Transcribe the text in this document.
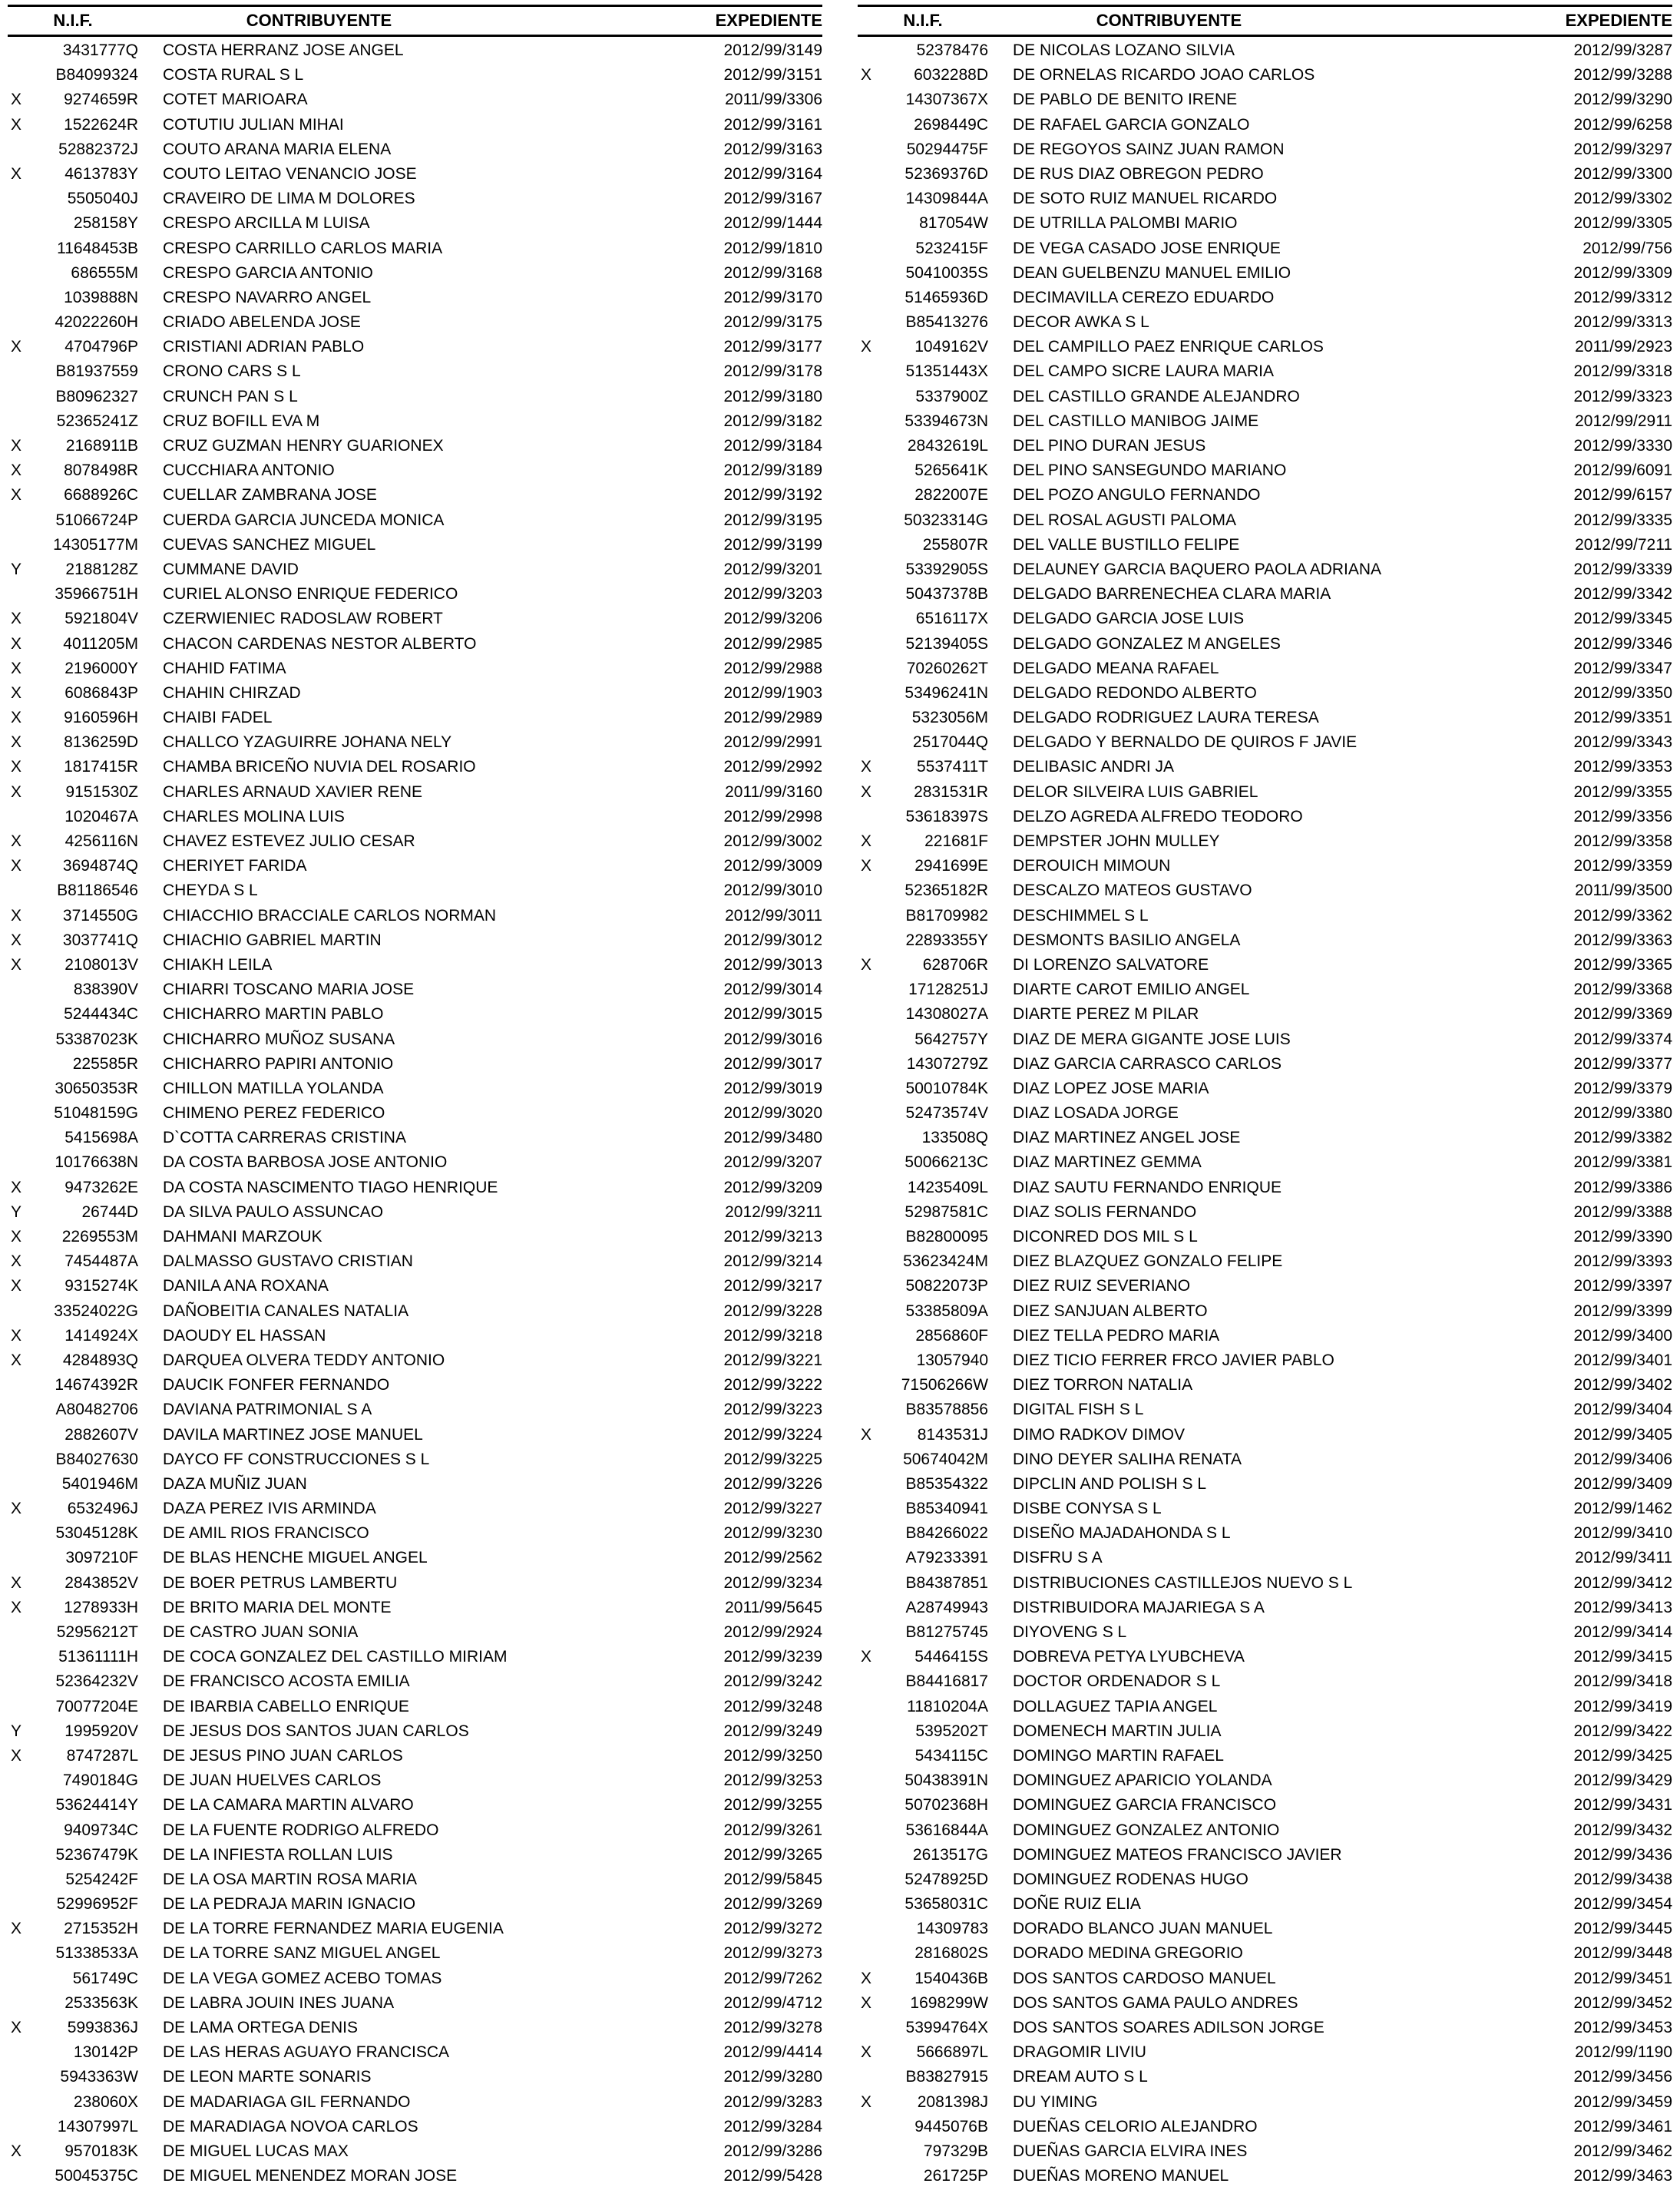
N.I.F.	CONTRIBUYENTE	EXPEDIENTE
3431777Q	COSTA HERRANZ JOSE ANGEL	2012/99/3149
B84099324	COSTA RURAL S L	2012/99/3151
X	9274659R	COTET MARIOARA	2011/99/3306
X	1522624R	COTUTIU JULIAN MIHAI	2012/99/3161
52882372J	COUTO ARANA MARIA ELENA	2012/99/3163
X	4613783Y	COUTO LEITAO VENANCIO JOSE	2012/99/3164
5505040J	CRAVEIRO DE LIMA M DOLORES	2012/99/3167
258158Y	CRESPO ARCILLA M LUISA	2012/99/1444
11648453B	CRESPO CARRILLO CARLOS MARIA	2012/99/1810
686555M	CRESPO GARCIA ANTONIO	2012/99/3168
1039888N	CRESPO NAVARRO ANGEL	2012/99/3170
42022260H	CRIADO ABELENDA JOSE	2012/99/3175
X	4704796P	CRISTIANI ADRIAN PABLO	2012/99/3177
B81937559	CRONO CARS S L	2012/99/3178
B80962327	CRUNCH PAN S L	2012/99/3180
52365241Z	CRUZ BOFILL EVA M	2012/99/3182
X	2168911B	CRUZ GUZMAN HENRY GUARIONEX	2012/99/3184
X	8078498R	CUCCHIARA ANTONIO	2012/99/3189
X	6688926C	CUELLAR ZAMBRANA JOSE	2012/99/3192
51066724P	CUERDA GARCIA JUNCEDA MONICA	2012/99/3195
14305177M	CUEVAS SANCHEZ MIGUEL	2012/99/3199
Y	2188128Z	CUMMANE DAVID	2012/99/3201
35966751H	CURIEL ALONSO ENRIQUE FEDERICO	2012/99/3203
X	5921804V	CZERWIENIEC RADOSLAW ROBERT	2012/99/3206
X	4011205M	CHACON CARDENAS NESTOR ALBERTO	2012/99/2985
X	2196000Y	CHAHID FATIMA	2012/99/2988
X	6086843P	CHAHIN CHIRZAD	2012/99/1903
X	9160596H	CHAIBI FADEL	2012/99/2989
X	8136259D	CHALLCO YZAGUIRRE JOHANA NELY	2012/99/2991
X	1817415R	CHAMBA BRICEÑO NUVIA DEL ROSARIO	2012/99/2992
X	9151530Z	CHARLES ARNAUD XAVIER RENE	2011/99/3160
1020467A	CHARLES MOLINA LUIS	2012/99/2998
X	4256116N	CHAVEZ ESTEVEZ JULIO CESAR	2012/99/3002
X	3694874Q	CHERIYET FARIDA	2012/99/3009
B81186546	CHEYDA S L	2012/99/3010
X	3714550G	CHIACCHIO BRACCIALE CARLOS NORMAN	2012/99/3011
X	3037741Q	CHIACHIO GABRIEL MARTIN	2012/99/3012
X	2108013V	CHIAKH LEILA	2012/99/3013
838390V	CHIARRI TOSCANO MARIA JOSE	2012/99/3014
5244434C	CHICHARRO MARTIN PABLO	2012/99/3015
53387023K	CHICHARRO MUÑOZ SUSANA	2012/99/3016
225585R	CHICHARRO PAPIRI ANTONIO	2012/99/3017
30650353R	CHILLON MATILLA YOLANDA	2012/99/3019
51048159G	CHIMENO PEREZ FEDERICO	2012/99/3020
5415698A	D`COTTA CARRERAS CRISTINA	2012/99/3480
10176638N	DA COSTA BARBOSA JOSE ANTONIO	2012/99/3207
X	9473262E	DA COSTA NASCIMENTO TIAGO HENRIQUE	2012/99/3209
Y	26744D	DA SILVA PAULO ASSUNCAO	2012/99/3211
X	2269553M	DAHMANI MARZOUK	2012/99/3213
X	7454487A	DALMASSO GUSTAVO CRISTIAN	2012/99/3214
X	9315274K	DANILA ANA ROXANA	2012/99/3217
33524022G	DAÑOBEITIA CANALES NATALIA	2012/99/3228
X	1414924X	DAOUDY EL HASSAN	2012/99/3218
X	4284893Q	DARQUEA OLVERA TEDDY ANTONIO	2012/99/3221
14674392R	DAUCIK FONFER FERNANDO	2012/99/3222
A80482706	DAVIANA PATRIMONIAL S A	2012/99/3223
2882607V	DAVILA MARTINEZ JOSE MANUEL	2012/99/3224
B84027630	DAYCO FF CONSTRUCCIONES S L	2012/99/3225
5401946M	DAZA MUÑIZ JUAN	2012/99/3226
X	6532496J	DAZA PEREZ IVIS ARMINDA	2012/99/3227
53045128K	DE AMIL RIOS FRANCISCO	2012/99/3230
3097210F	DE BLAS HENCHE MIGUEL ANGEL	2012/99/2562
X	2843852V	DE BOER PETRUS LAMBERTU	2012/99/3234
X	1278933H	DE BRITO MARIA DEL MONTE	2011/99/5645
52956212T	DE CASTRO JUAN SONIA	2012/99/2924
51361111H	DE COCA GONZALEZ DEL CASTILLO MIRIAM	2012/99/3239
52364232V	DE FRANCISCO ACOSTA EMILIA	2012/99/3242
70077204E	DE IBARBIA CABELLO ENRIQUE	2012/99/3248
Y	1995920V	DE JESUS DOS SANTOS JUAN CARLOS	2012/99/3249
X	8747287L	DE JESUS PINO JUAN CARLOS	2012/99/3250
7490184G	DE JUAN HUELVES CARLOS	2012/99/3253
53624414Y	DE LA CAMARA MARTIN ALVARO	2012/99/3255
9409734C	DE LA FUENTE RODRIGO ALFREDO	2012/99/3261
52367479K	DE LA INFIESTA ROLLAN LUIS	2012/99/3265
5254242F	DE LA OSA MARTIN ROSA MARIA	2012/99/5845
52996952F	DE LA PEDRAJA MARIN IGNACIO	2012/99/3269
X	2715352H	DE LA TORRE FERNANDEZ MARIA EUGENIA	2012/99/3272
51338533A	DE LA TORRE SANZ MIGUEL ANGEL	2012/99/3273
561749C	DE LA VEGA GOMEZ ACEBO TOMAS	2012/99/7262
2533563K	DE LABRA JOUIN INES JUANA	2012/99/4712
X	5993836J	DE LAMA ORTEGA DENIS	2012/99/3278
130142P	DE LAS HERAS AGUAYO FRANCISCA	2012/99/4414
5943363W	DE LEON MARTE SONARIS	2012/99/3280
238060X	DE MADARIAGA GIL FERNANDO	2012/99/3283
14307997L	DE MARADIAGA NOVOA CARLOS	2012/99/3284
X	9570183K	DE MIGUEL LUCAS MAX	2012/99/3286
50045375C	DE MIGUEL MENENDEZ MORAN JOSE	2012/99/5428
N.I.F.	CONTRIBUYENTE	EXPEDIENTE
52378476	DE NICOLAS LOZANO SILVIA	2012/99/3287
X	6032288D	DE ORNELAS RICARDO JOAO CARLOS	2012/99/3288
14307367X	DE PABLO DE BENITO IRENE	2012/99/3290
2698449C	DE RAFAEL GARCIA GONZALO	2012/99/6258
50294475F	DE REGOYOS SAINZ JUAN RAMON	2012/99/3297
52369376D	DE RUS DIAZ OBREGON PEDRO	2012/99/3300
14309844A	DE SOTO RUIZ MANUEL RICARDO	2012/99/3302
817054W	DE UTRILLA PALOMBI MARIO	2012/99/3305
5232415F	DE VEGA CASADO JOSE ENRIQUE	2012/99/756
50410035S	DEAN GUELBENZU MANUEL EMILIO	2012/99/3309
51465936D	DECIMAVILLA CEREZO EDUARDO	2012/99/3312
B85413276	DECOR AWKA S L	2012/99/3313
X	1049162V	DEL CAMPILLO PAEZ ENRIQUE CARLOS	2011/99/2923
51351443X	DEL CAMPO SICRE LAURA MARIA	2012/99/3318
5337900Z	DEL CASTILLO GRANDE ALEJANDRO	2012/99/3323
53394673N	DEL CASTILLO MANIBOG JAIME	2012/99/2911
28432619L	DEL PINO DURAN JESUS	2012/99/3330
5265641K	DEL PINO SANSEGUNDO MARIANO	2012/99/6091
2822007E	DEL POZO ANGULO FERNANDO	2012/99/6157
50323314G	DEL ROSAL AGUSTI PALOMA	2012/99/3335
255807R	DEL VALLE BUSTILLO FELIPE	2012/99/7211
53392905S	DELAUNEY GARCIA BAQUERO PAOLA ADRIANA	2012/99/3339
50437378B	DELGADO BARRENECHEA CLARA MARIA	2012/99/3342
6516117X	DELGADO GARCIA JOSE LUIS	2012/99/3345
52139405S	DELGADO GONZALEZ M ANGELES	2012/99/3346
70260262T	DELGADO MEANA RAFAEL	2012/99/3347
53496241N	DELGADO REDONDO ALBERTO	2012/99/3350
5323056M	DELGADO RODRIGUEZ LAURA TERESA	2012/99/3351
2517044Q	DELGADO Y BERNALDO DE QUIROS F JAVIE	2012/99/3343
X	5537411T	DELIBASIC ANDRI JA	2012/99/3353
X	2831531R	DELOR SILVEIRA LUIS GABRIEL	2012/99/3355
53618397S	DELZO AGREDA ALFREDO TEODORO	2012/99/3356
X	221681F	DEMPSTER JOHN MULLEY	2012/99/3358
X	2941699E	DEROUICH MIMOUN	2012/99/3359
52365182R	DESCALZO MATEOS GUSTAVO	2011/99/3500
B81709982	DESCHIMMEL S L	2012/99/3362
22893355Y	DESMONTS BASILIO ANGELA	2012/99/3363
X	628706R	DI LORENZO SALVATORE	2012/99/3365
17128251J	DIARTE CAROT EMILIO ANGEL	2012/99/3368
14308027A	DIARTE PEREZ M PILAR	2012/99/3369
5642757Y	DIAZ DE MERA GIGANTE JOSE LUIS	2012/99/3374
14307279Z	DIAZ GARCIA CARRASCO CARLOS	2012/99/3377
50010784K	DIAZ LOPEZ JOSE MARIA	2012/99/3379
52473574V	DIAZ LOSADA JORGE	2012/99/3380
133508Q	DIAZ MARTINEZ ANGEL JOSE	2012/99/3382
50066213C	DIAZ MARTINEZ GEMMA	2012/99/3381
14235409L	DIAZ SAUTU FERNANDO ENRIQUE	2012/99/3386
52987581C	DIAZ SOLIS FERNANDO	2012/99/3388
B82800095	DICONRED DOS MIL S L	2012/99/3390
53623424M	DIEZ BLAZQUEZ GONZALO FELIPE	2012/99/3393
50822073P	DIEZ RUIZ SEVERIANO	2012/99/3397
53385809A	DIEZ SANJUAN ALBERTO	2012/99/3399
2856860F	DIEZ TELLA PEDRO MARIA	2012/99/3400
13057940	DIEZ TICIO FERRER FRCO JAVIER PABLO	2012/99/3401
71506266W	DIEZ TORRON NATALIA	2012/99/3402
B83578856	DIGITAL FISH S L	2012/99/3404
X	8143531J	DIMO RADKOV DIMOV	2012/99/3405
50674042M	DINO DEYER SALIHA RENATA	2012/99/3406
B85354322	DIPCLIN AND POLISH S L	2012/99/3409
B85340941	DISBE CONYSA S L	2012/99/1462
B84266022	DISEÑO MAJADAHONDA S L	2012/99/3410
A79233391	DISFRU S A	2012/99/3411
B84387851	DISTRIBUCIONES CASTILLEJOS NUEVO S L	2012/99/3412
A28749943	DISTRIBUIDORA MAJARIEGA S A	2012/99/3413
B81275745	DIYOVENG S L	2012/99/3414
X	5446415S	DOBREVA PETYA LYUBCHEVA	2012/99/3415
B84416817	DOCTOR ORDENADOR S L	2012/99/3418
11810204A	DOLLAGUEZ TAPIA ANGEL	2012/99/3419
5395202T	DOMENECH MARTIN JULIA	2012/99/3422
5434115C	DOMINGO MARTIN RAFAEL	2012/99/3425
50438391N	DOMINGUEZ APARICIO YOLANDA	2012/99/3429
50702368H	DOMINGUEZ GARCIA FRANCISCO	2012/99/3431
53616844A	DOMINGUEZ GONZALEZ ANTONIO	2012/99/3432
2613517G	DOMINGUEZ MATEOS FRANCISCO JAVIER	2012/99/3436
52478925D	DOMINGUEZ RODENAS HUGO	2012/99/3438
53658031C	DOÑE RUIZ ELIA	2012/99/3454
14309783	DORADO BLANCO JUAN MANUEL	2012/99/3445
2816802S	DORADO MEDINA GREGORIO	2012/99/3448
X	1540436B	DOS SANTOS CARDOSO MANUEL	2012/99/3451
X 1698299W	DOS SANTOS GAMA PAULO ANDRES	2012/99/3452
53994764X	DOS SANTOS SOARES ADILSON JORGE	2012/99/3453
X	5666897L	DRAGOMIR LIVIU	2012/99/1190
B83827915	DREAM AUTO S L	2012/99/3456
X	2081398J	DU YIMING	2012/99/3459
9445076B	DUEÑAS CELORIO ALEJANDRO	2012/99/3461
797329B	DUEÑAS GARCIA ELVIRA INES	2012/99/3462
261725P	DUEÑAS MORENO MANUEL	2012/99/3463
